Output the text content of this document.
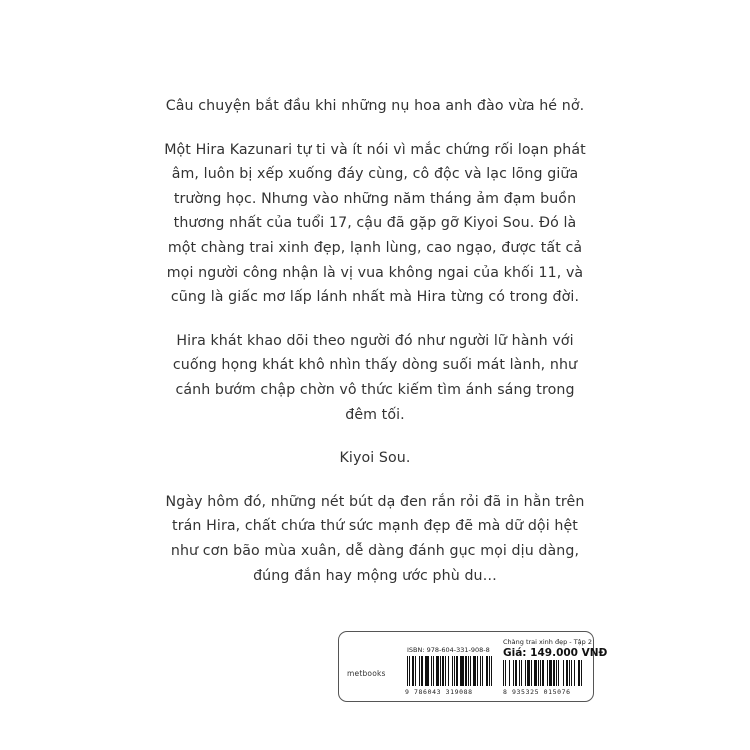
Câu chuyện bắt đầu khi những nụ hoa anh đào vừa hé nở.

Một Hira Kazunari tự ti và ít nói vì mắc chứng rối loạn phát âm, luôn bị xếp xuống đáy cùng, cô độc và lạc lõng giữa trường học. Nhưng vào những năm tháng ảm đạm buồn thương nhất của tuổi 17, cậu đã gặp gỡ Kiyoi Sou. Đó là một chàng trai xinh đẹp, lạnh lùng, cao ngạo, được tất cả mọi người công nhận là vị vua không ngai của khối 11, và cũng là giấc mơ lấp lánh nhất mà Hira từng có trong đời.

Hira khát khao dõi theo người đó như người lữ hành với cuống họng khát khô nhìn thấy dòng suối mát lành, như cánh bướm chập chờn vô thức kiếm tìm ánh sáng trong đêm tối.

Kiyoi Sou.

Ngày hôm đó, những nét bút dạ đen rắn rỏi đã in hằn trên trán Hira, chất chứa thứ sức mạnh đẹp đẽ mà dữ dội hệt như cơn bão mùa xuân, dễ dàng đánh gục mọi dịu dàng, đúng đắn hay mộng ước phù du…

metbooks
ISBN: 978-604-331-908-8
Chàng trai xinh đẹp - Tập 2
Giá: 149.000 VNĐ
9 786043 319088	8 935325 015076
